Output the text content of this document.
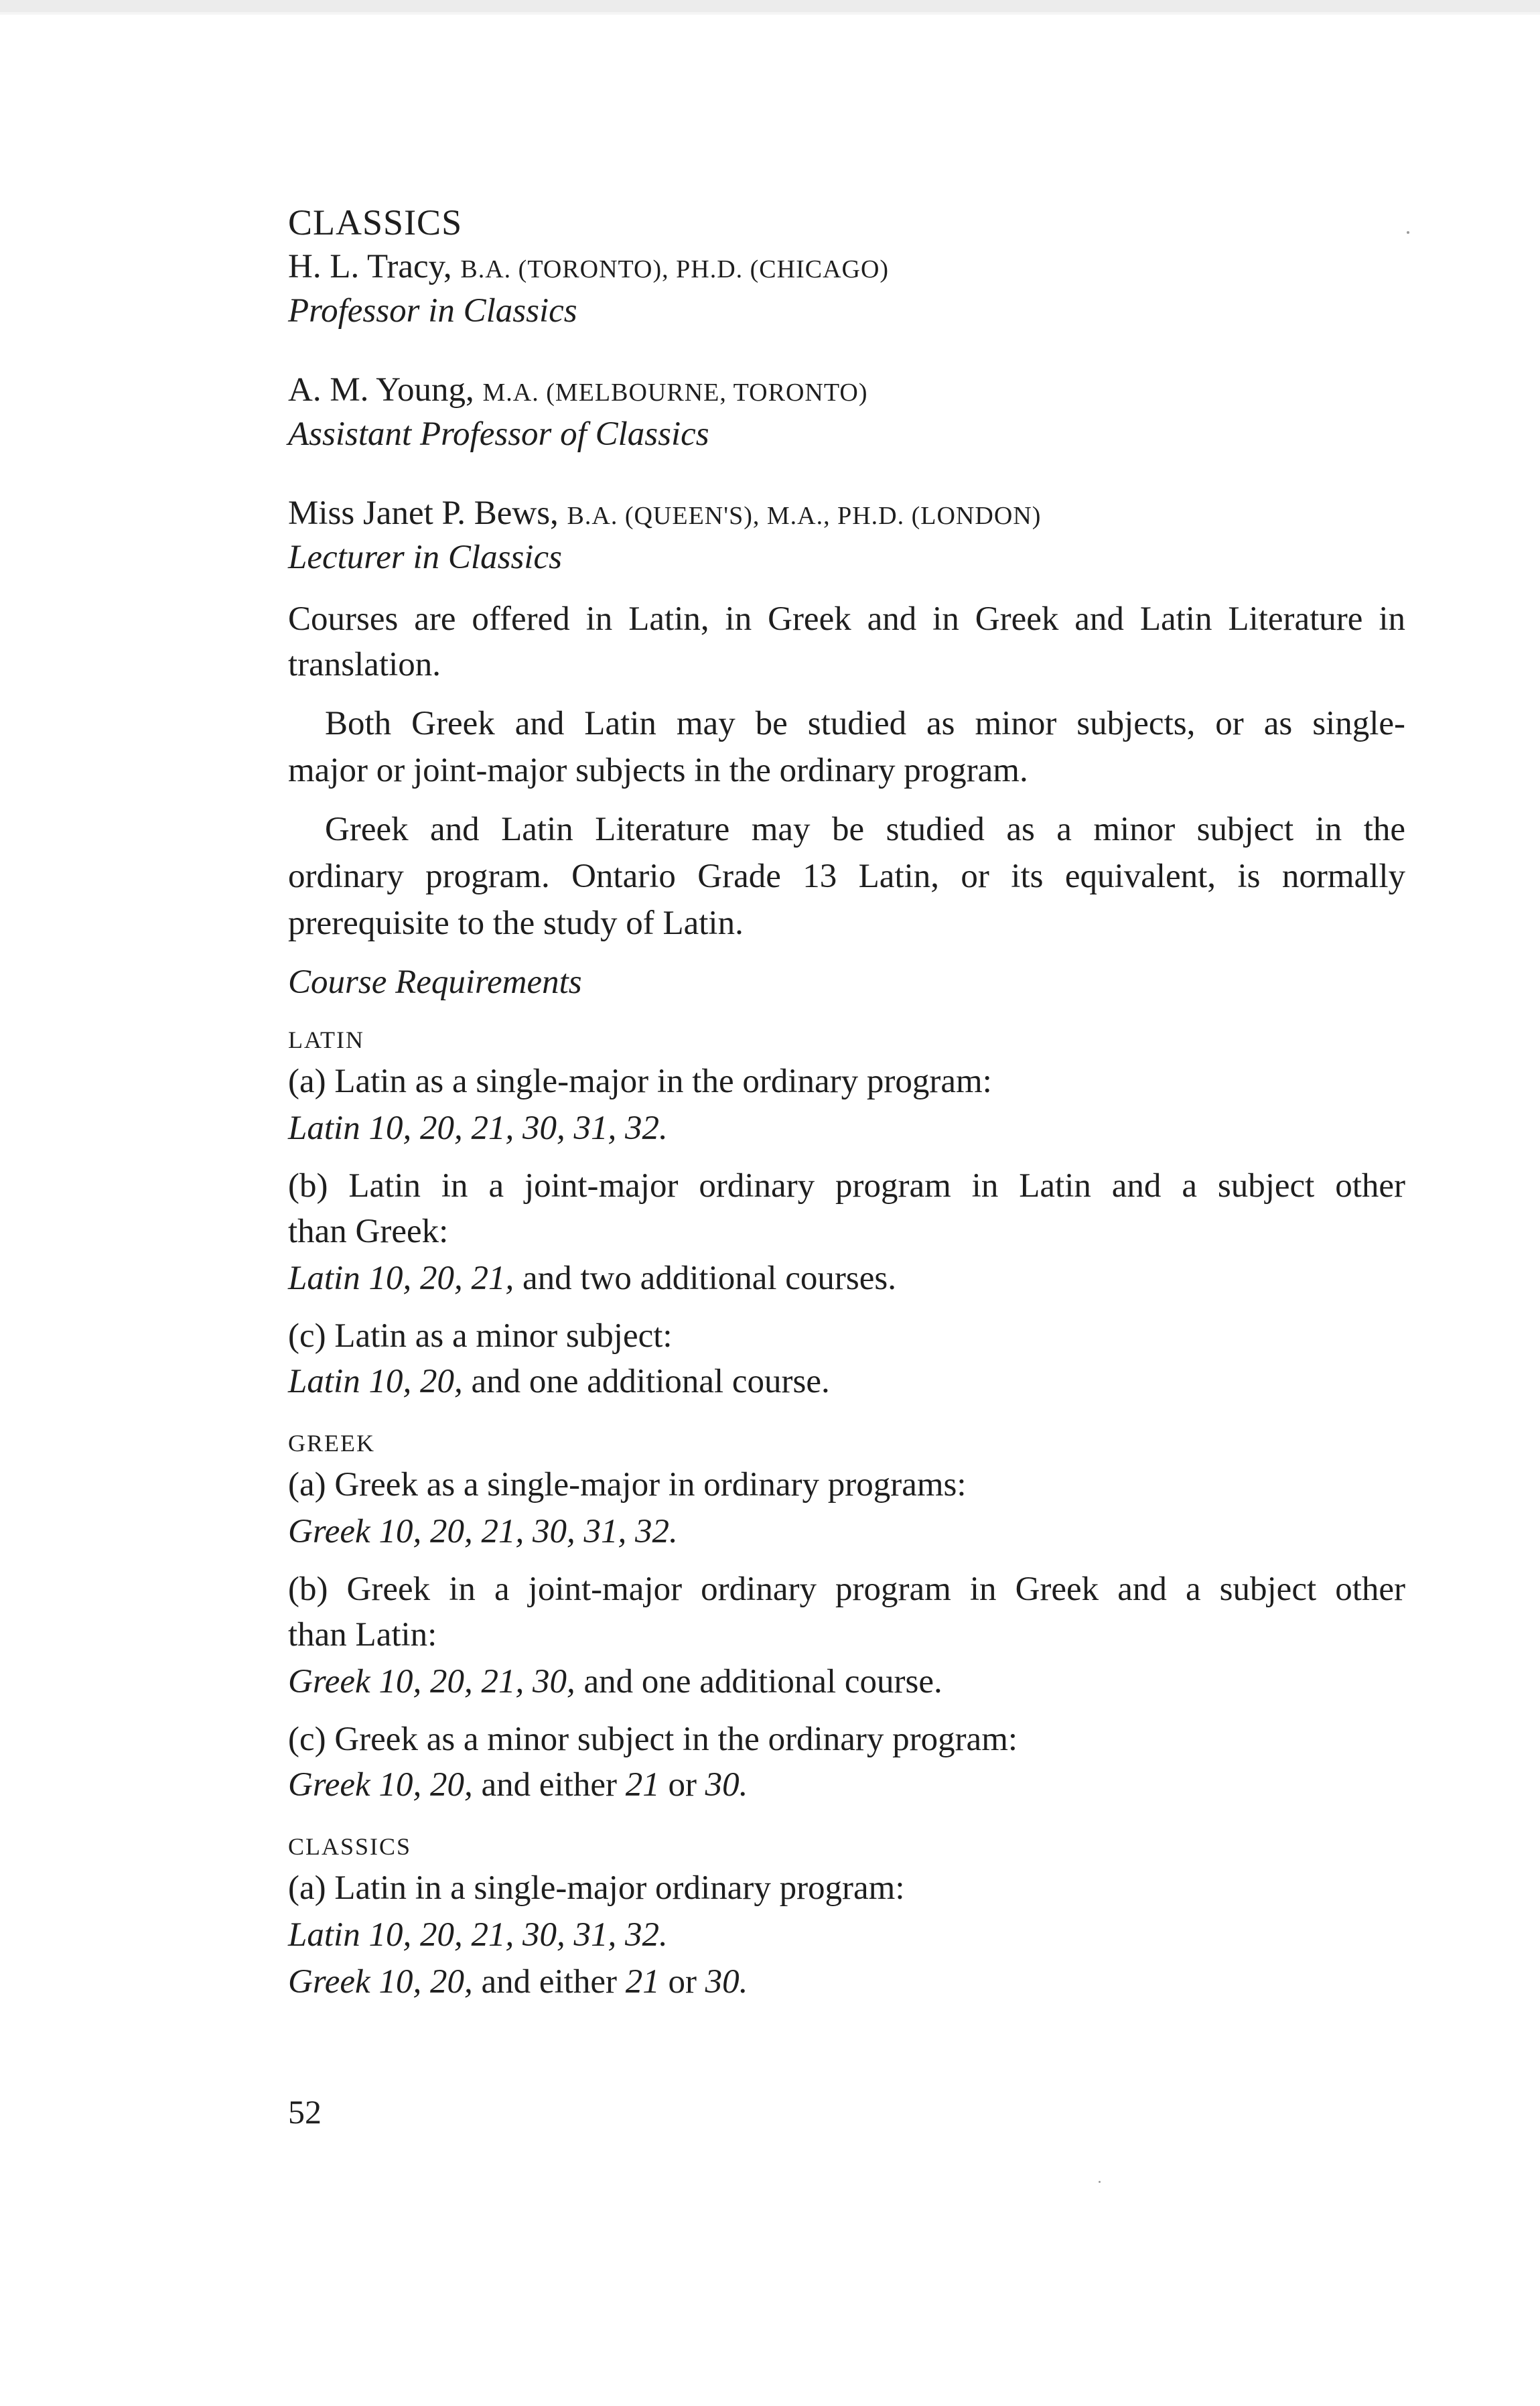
CLASSICS
H. L. Tracy, B.A. (TORONTO), PH.D. (CHICAGO)
Professor in Classics
A. M. Young, M.A. (MELBOURNE, TORONTO)
Assistant Professor of Classics
Miss Janet P. Bews, B.A. (QUEEN'S), M.A., PH.D. (LONDON)
Lecturer in Classics
Courses are offered in Latin, in Greek and in Greek and Latin Literature in
translation.
Both Greek and Latin may be studied as minor subjects, or as single-
major or joint-major subjects in the ordinary program.
Greek and Latin Literature may be studied as a minor subject in the
ordinary program. Ontario Grade 13 Latin, or its equivalent, is normally
prerequisite to the study of Latin.
Course Requirements
LATIN
(a) Latin as a single-major in the ordinary program:
Latin 10, 20, 21, 30, 31, 32.
(b) Latin in a joint-major ordinary program in Latin and a subject other
than Greek:
Latin 10, 20, 21, and two additional courses.
(c) Latin as a minor subject:
Latin 10, 20, and one additional course.
GREEK
(a) Greek as a single-major in ordinary programs:
Greek 10, 20, 21, 30, 31, 32.
(b) Greek in a joint-major ordinary program in Greek and a subject other
than Latin:
Greek 10, 20, 21, 30, and one additional course.
(c) Greek as a minor subject in the ordinary program:
Greek 10, 20, and either 21 or 30.
CLASSICS
(a) Latin in a single-major ordinary program:
Latin 10, 20, 21, 30, 31, 32.
Greek 10, 20, and either 21 or 30.
52
